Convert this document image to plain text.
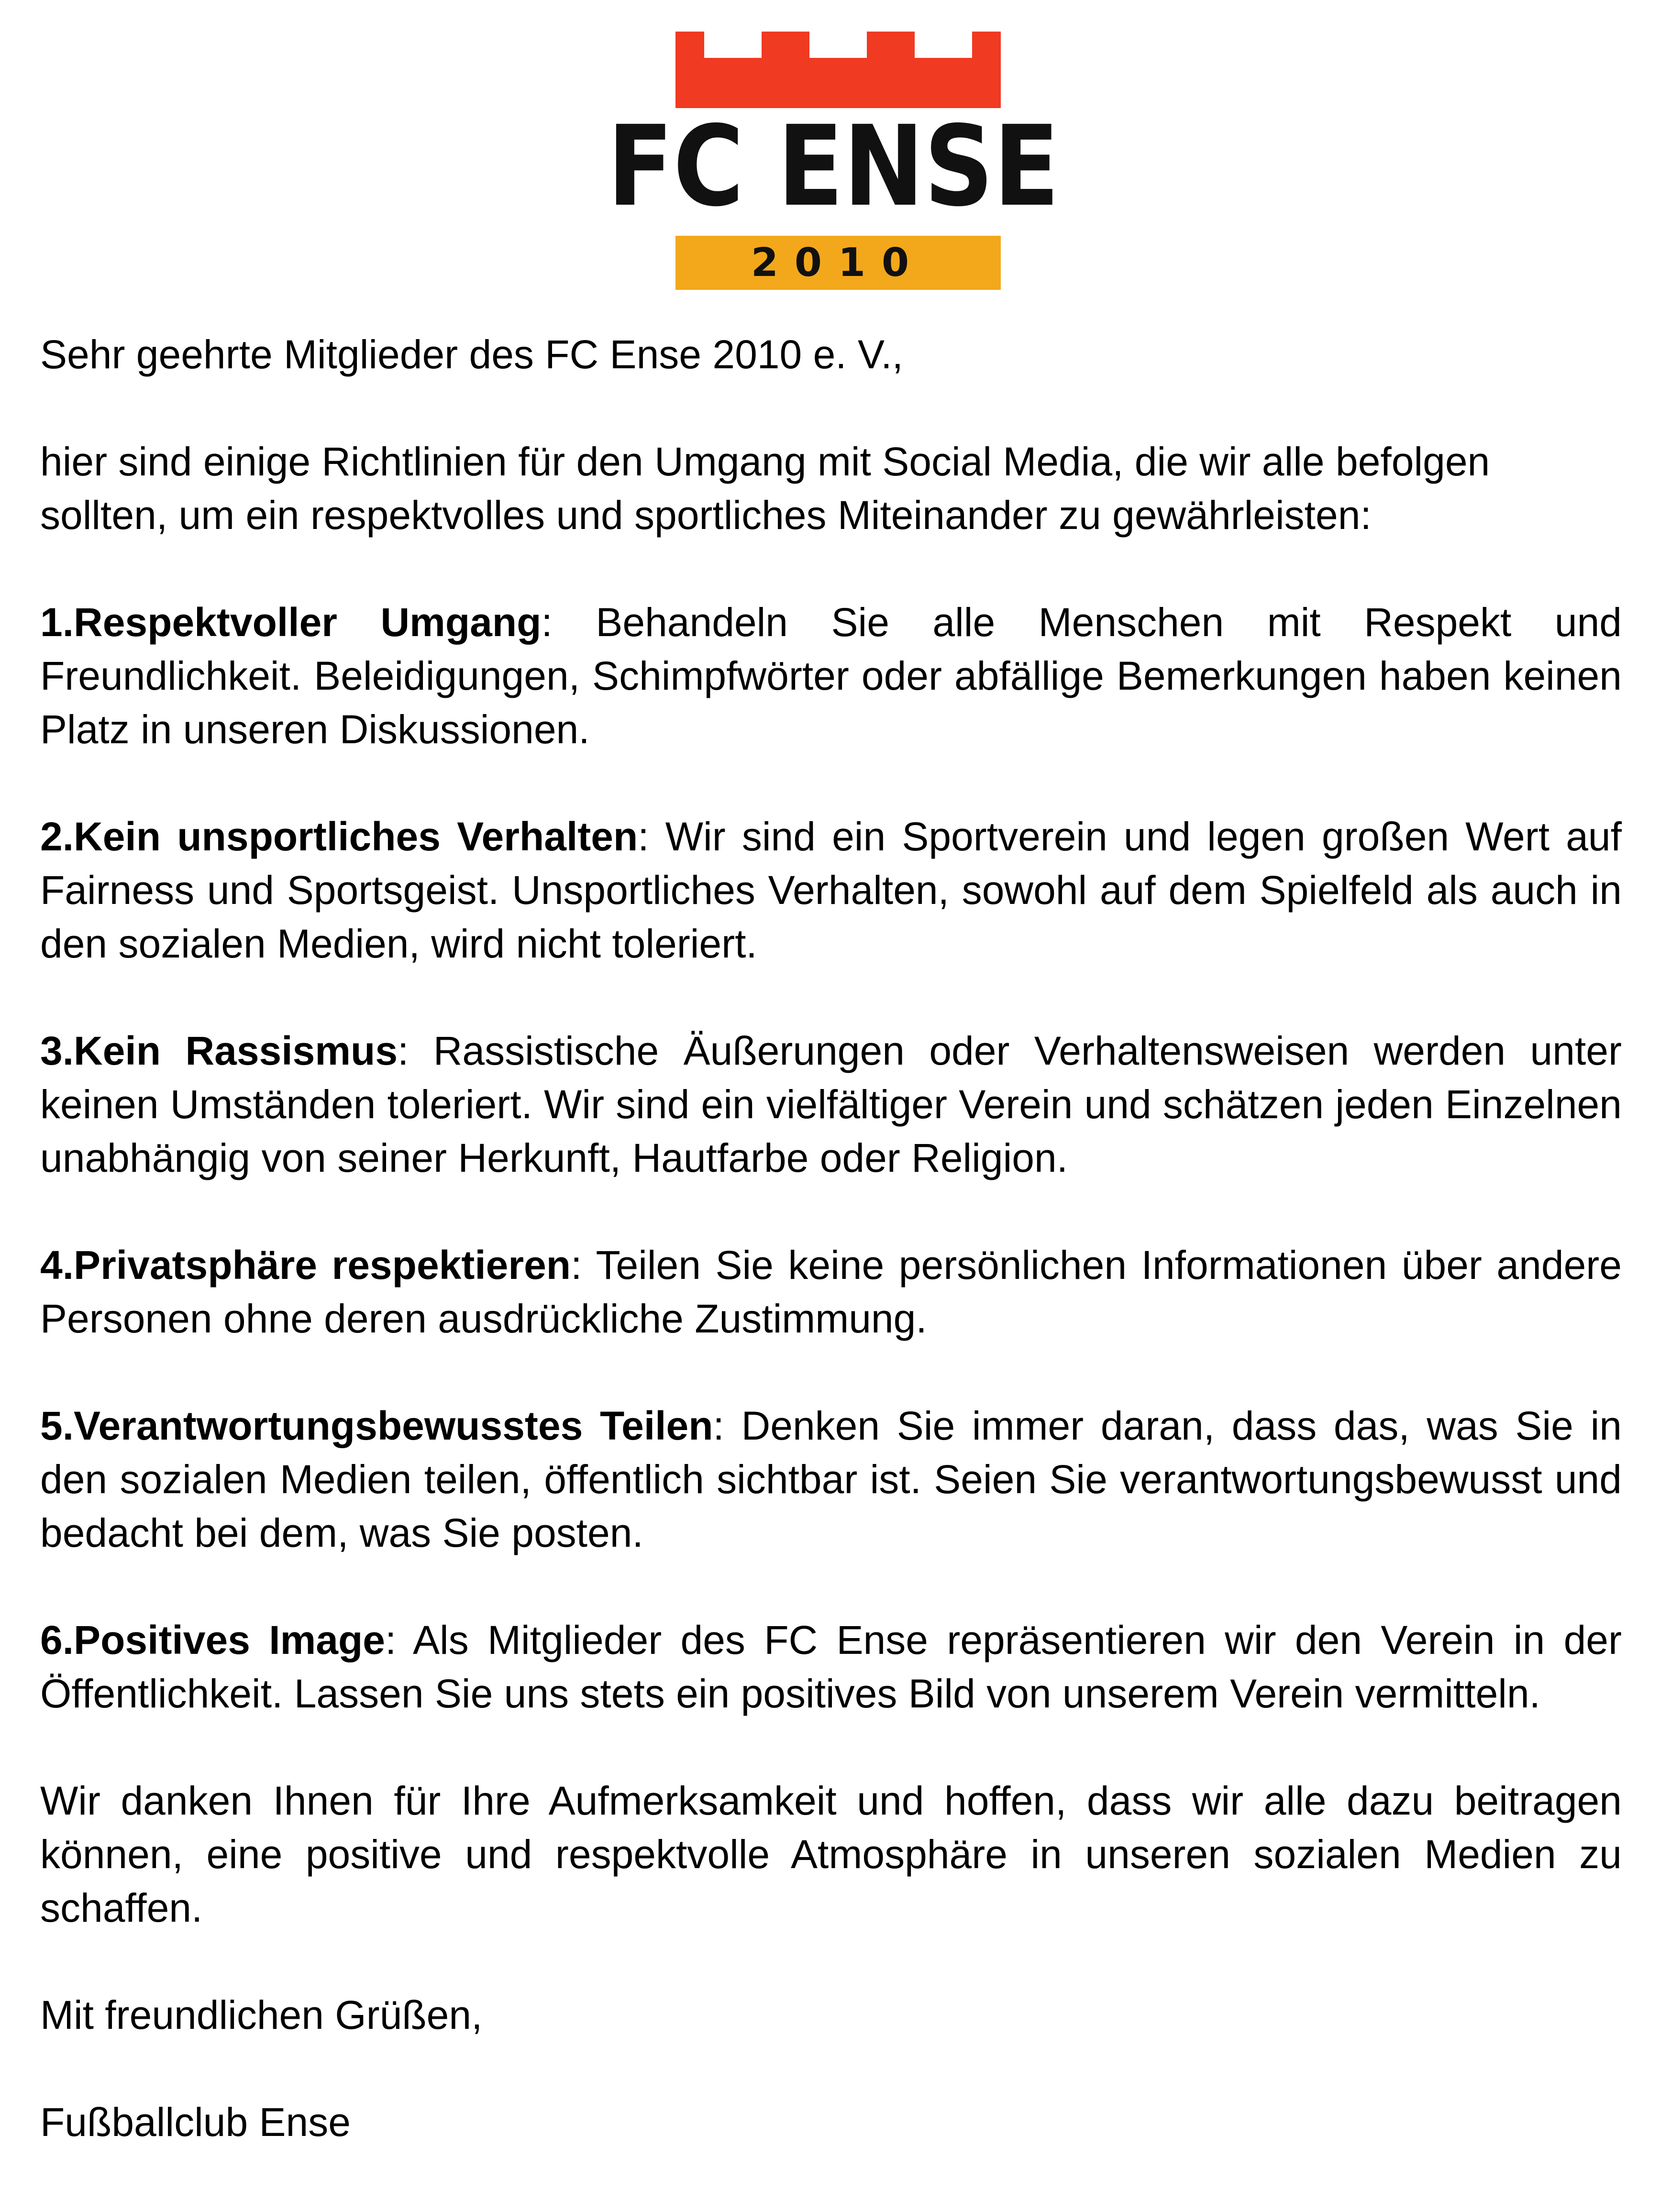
FC ENSE
2010

Sehr geehrte Mitglieder des FC Ense 2010 e. V.,

hier sind einige Richtlinien für den Umgang mit Social Media, die wir alle befolgen sollten, um ein respektvolles und sportliches Miteinander zu gewährleisten:

1.Respektvoller Umgang: Behandeln Sie alle Menschen mit Respekt und Freundlichkeit. Beleidigungen, Schimpfwörter oder abfällige Bemerkungen haben keinen Platz in unseren Diskussionen.

2.Kein unsportliches Verhalten: Wir sind ein Sportverein und legen großen Wert auf Fairness und Sportsgeist. Unsportliches Verhalten, sowohl auf dem Spielfeld als auch in den sozialen Medien, wird nicht toleriert.

3.Kein Rassismus: Rassistische Äußerungen oder Verhaltensweisen werden unter keinen Umständen toleriert. Wir sind ein vielfältiger Verein und schätzen jeden Einzelnen unabhängig von seiner Herkunft, Hautfarbe oder Religion.

4.Privatsphäre respektieren: Teilen Sie keine persönlichen Informationen über andere Personen ohne deren ausdrückliche Zustimmung.

5.Verantwortungsbewusstes Teilen: Denken Sie immer daran, dass das, was Sie in den sozialen Medien teilen, öffentlich sichtbar ist. Seien Sie verantwortungsbewusst und bedacht bei dem, was Sie posten.

6.Positives Image: Als Mitglieder des FC Ense repräsentieren wir den Verein in der Öffentlichkeit. Lassen Sie uns stets ein positives Bild von unserem Verein vermitteln.

Wir danken Ihnen für Ihre Aufmerksamkeit und hoffen, dass wir alle dazu beitragen können, eine positive und respektvolle Atmosphäre in unseren sozialen Medien zu schaffen.

Mit freundlichen Grüßen,

Fußballclub Ense
